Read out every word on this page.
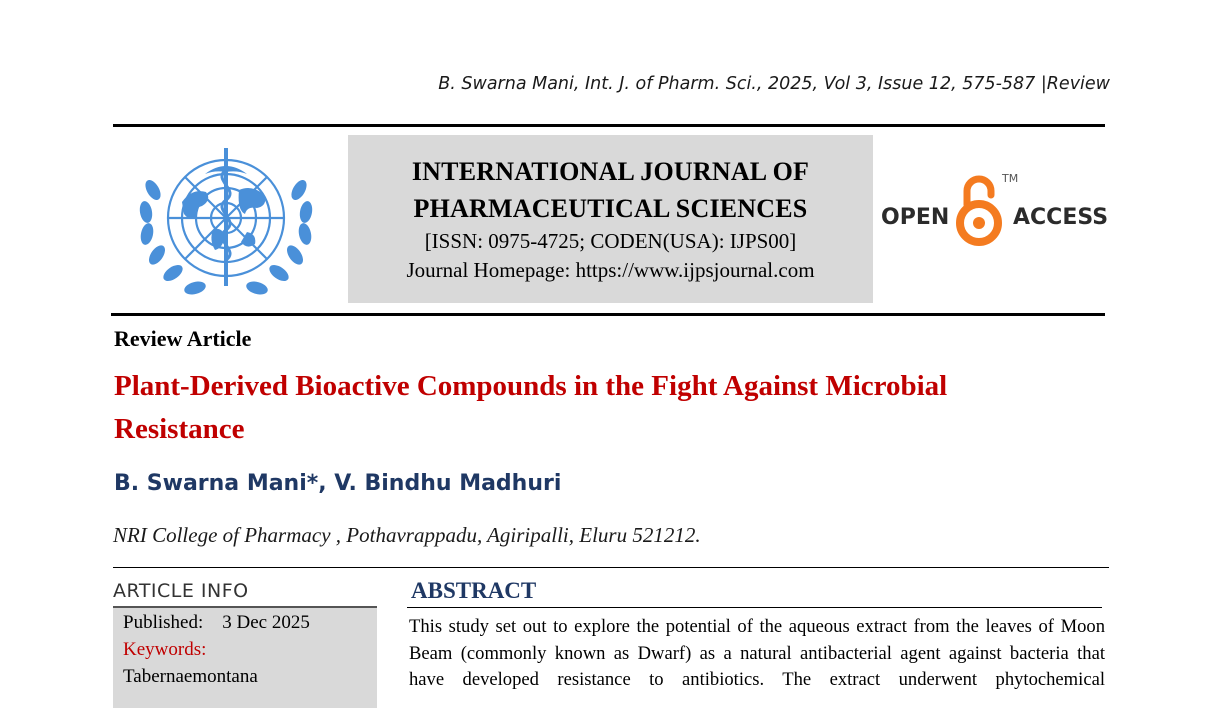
B. Swarna Mani, Int. J. of Pharm. Sci., 2025, Vol 3, Issue 12, 575-587 |Review
INTERNATIONAL JOURNAL OF
PHARMACEUTICAL SCIENCES
[ISSN: 0975-4725; CODEN(USA): IJPS00]
Journal Homepage: https://www.ijpsjournal.com
OPEN
TM
ACCESS
Review Article
Plant-Derived Bioactive Compounds in the Fight Against Microbial
Resistance
B. Swarna Mani*, V. Bindhu Madhuri
NRI College of Pharmacy , Pothavrappadu, Agiripalli, Eluru 521212.
ARTICLE INFO
Published: 3 Dec 2025
Keywords:
Tabernaemontana
ABSTRACT
This study set out to explore the potential of the aqueous extract from the leaves of Moon
Beam (commonly known as Dwarf) as a natural antibacterial agent against bacteria that
have developed resistance to antibiotics. The extract underwent phytochemical
